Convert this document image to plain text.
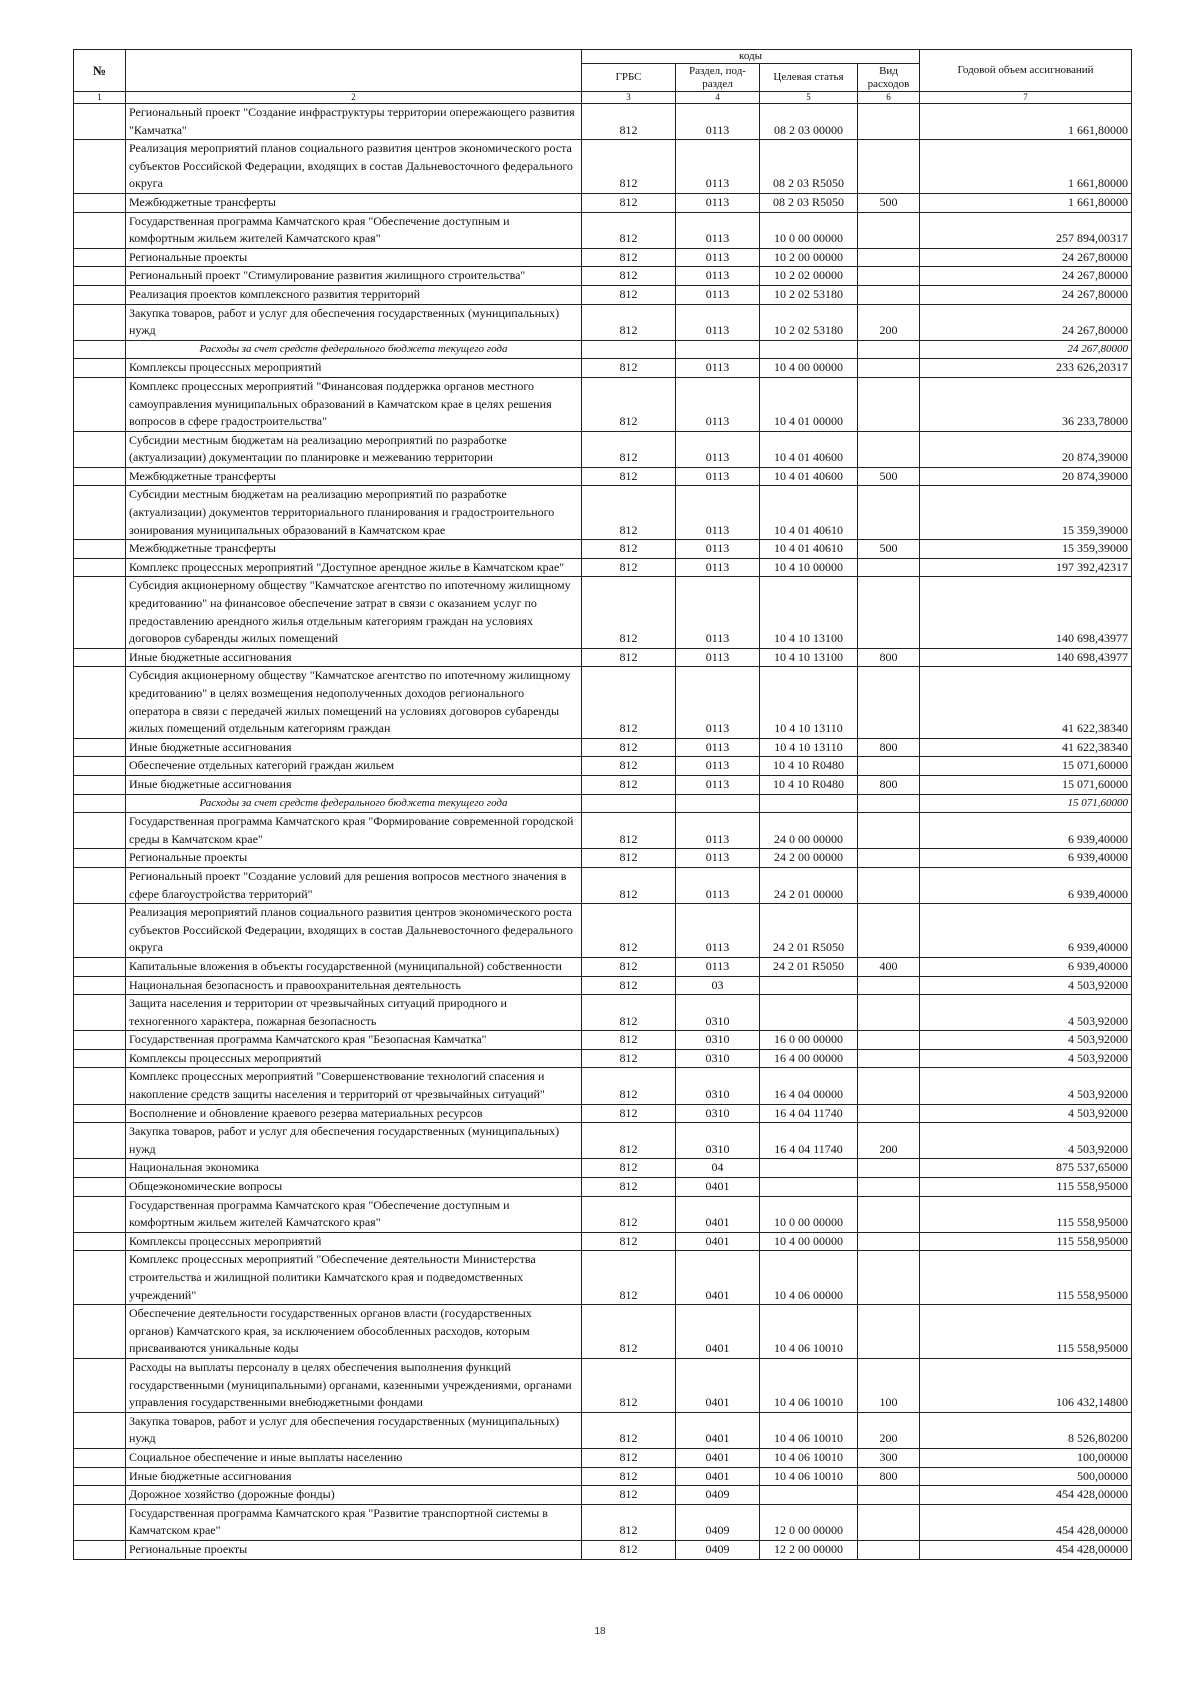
№		коды				Годовой объем ассигнований
		ГРБС	Раздел, под-раздел	Целевая статья	Вид расходов	
1	2	3	4	5	6	7
	Региональный проект "Создание инфраструктуры территории опережающего развития "Камчатка"	812	0113	08 2 03 00000		1 661,80000
	Реализация мероприятий планов социального развития центров экономического роста субъектов Российской Федерации, входящих в состав Дальневосточного федерального округа	812	0113	08 2 03 R5050		1 661,80000
	Межбюджетные трансферты	812	0113	08 2 03 R5050	500	1 661,80000
	Государственная программа Камчатского края "Обеспечение доступным и комфортным жильем жителей Камчатского края"	812	0113	10 0 00 00000		257 894,00317
	Региональные проекты	812	0113	10 2 00 00000		24 267,80000
	Региональный проект "Стимулирование развития жилищного строительства"	812	0113	10 2 02 00000		24 267,80000
	Реализация проектов комплексного развития территорий	812	0113	10 2 02 53180		24 267,80000
	Закупка товаров, работ и услуг для обеспечения государственных (муниципальных) нужд	812	0113	10 2 02 53180	200	24 267,80000
	Расходы за счет средств федерального бюджета текущего года					24 267,80000
	Комплексы процессных мероприятий	812	0113	10 4 00 00000		233 626,20317
	Комплекс процессных мероприятий "Финансовая поддержка органов местного самоуправления муниципальных образований в Камчатском крае в целях решения вопросов в сфере градостроительства"	812	0113	10 4 01 00000		36 233,78000
	Субсидии местным бюджетам на реализацию мероприятий по разработке (актуализации) документации по планировке и межеванию территории	812	0113	10 4 01 40600		20 874,39000
	Межбюджетные трансферты	812	0113	10 4 01 40600	500	20 874,39000
	Субсидии местным бюджетам на реализацию мероприятий по разработке (актуализации) документов территориального планирования и градостроительного зонирования муниципальных образований в Камчатском крае	812	0113	10 4 01 40610		15 359,39000
	Межбюджетные трансферты	812	0113	10 4 01 40610	500	15 359,39000
	Комплекс процессных мероприятий "Доступное арендное жилье в Камчатском крае"	812	0113	10 4 10 00000		197 392,42317
	Субсидия акционерному обществу "Камчатское агентство по ипотечному жилищному кредитованию" на финансовое обеспечение затрат в связи с оказанием услуг по предоставлению арендного жилья отдельным категориям граждан на условиях договоров субаренды жилых помещений	812	0113	10 4 10 13100		140 698,43977
	Иные бюджетные ассигнования	812	0113	10 4 10 13100	800	140 698,43977
	Субсидия акционерному обществу "Камчатское агентство по ипотечному жилищному кредитованию" в целях возмещения недополученных доходов регионального оператора в связи с передачей жилых помещений на условиях договоров субаренды жилых помещений отдельным категориям граждан	812	0113	10 4 10 13110		41 622,38340
	Иные бюджетные ассигнования	812	0113	10 4 10 13110	800	41 622,38340
	Обеспечение отдельных категорий граждан жильем	812	0113	10 4 10 R0480		15 071,60000
	Иные бюджетные ассигнования	812	0113	10 4 10 R0480	800	15 071,60000
	Расходы за счет средств федерального бюджета текущего года					15 071,60000
	Государственная программа Камчатского края "Формирование современной городской среды в Камчатском крае"	812	0113	24 0 00 00000		6 939,40000
	Региональные проекты	812	0113	24 2 00 00000		6 939,40000
	Региональный проект "Создание условий для решения вопросов местного значения в сфере благоустройства территорий"	812	0113	24 2 01 00000		6 939,40000
	Реализация мероприятий планов социального развития центров экономического роста субъектов Российской Федерации, входящих в состав Дальневосточного федерального округа	812	0113	24 2 01 R5050		6 939,40000
	Капитальные вложения в объекты государственной (муниципальной) собственности	812	0113	24 2 01 R5050	400	6 939,40000
	Национальная безопасность и правоохранительная деятельность	812	03			4 503,92000
	Защита населения и территории от чрезвычайных ситуаций природного и техногенного характера, пожарная безопасность	812	0310			4 503,92000
	Государственная программа Камчатского края "Безопасная Камчатка"	812	0310	16 0 00 00000		4 503,92000
	Комплексы процессных мероприятий	812	0310	16 4 00 00000		4 503,92000
	Комплекс процессных мероприятий "Совершенствование технологий спасения и накопление средств защиты населения и территорий от чрезвычайных ситуаций"	812	0310	16 4 04 00000		4 503,92000
	Восполнение и обновление краевого резерва материальных ресурсов	812	0310	16 4 04 11740		4 503,92000
	Закупка товаров, работ и услуг для обеспечения государственных (муниципальных) нужд	812	0310	16 4 04 11740	200	4 503,92000
	Национальная экономика	812	04			875 537,65000
	Общеэкономические вопросы	812	0401			115 558,95000
	Государственная программа Камчатского края "Обеспечение доступным и комфортным жильем жителей Камчатского края"	812	0401	10 0 00 00000		115 558,95000
	Комплексы процессных мероприятий	812	0401	10 4 00 00000		115 558,95000
	Комплекс процессных мероприятий "Обеспечение деятельности Министерства строительства и жилищной политики Камчатского края и подведомственных учреждений"	812	0401	10 4 06 00000		115 558,95000
	Обеспечение деятельности государственных органов власти (государственных органов) Камчатского края, за исключением обособленных расходов, которым присваиваются уникальные коды	812	0401	10 4 06 10010		115 558,95000
	Расходы на выплаты персоналу в целях обеспечения выполнения функций государственными (муниципальными) органами, казенными учреждениями, органами управления государственными внебюджетными фондами	812	0401	10 4 06 10010	100	106 432,14800
	Закупка товаров, работ и услуг для обеспечения государственных (муниципальных) нужд	812	0401	10 4 06 10010	200	8 526,80200
	Социальное обеспечение и иные выплаты населению	812	0401	10 4 06 10010	300	100,00000
	Иные бюджетные ассигнования	812	0401	10 4 06 10010	800	500,00000
	Дорожное хозяйство (дорожные фонды)	812	0409			454 428,00000
	Государственная программа Камчатского края "Развитие транспортной системы в Камчатском крае"	812	0409	12 0 00 00000		454 428,00000
	Региональные проекты	812	0409	12 2 00 00000		454 428,00000
18
